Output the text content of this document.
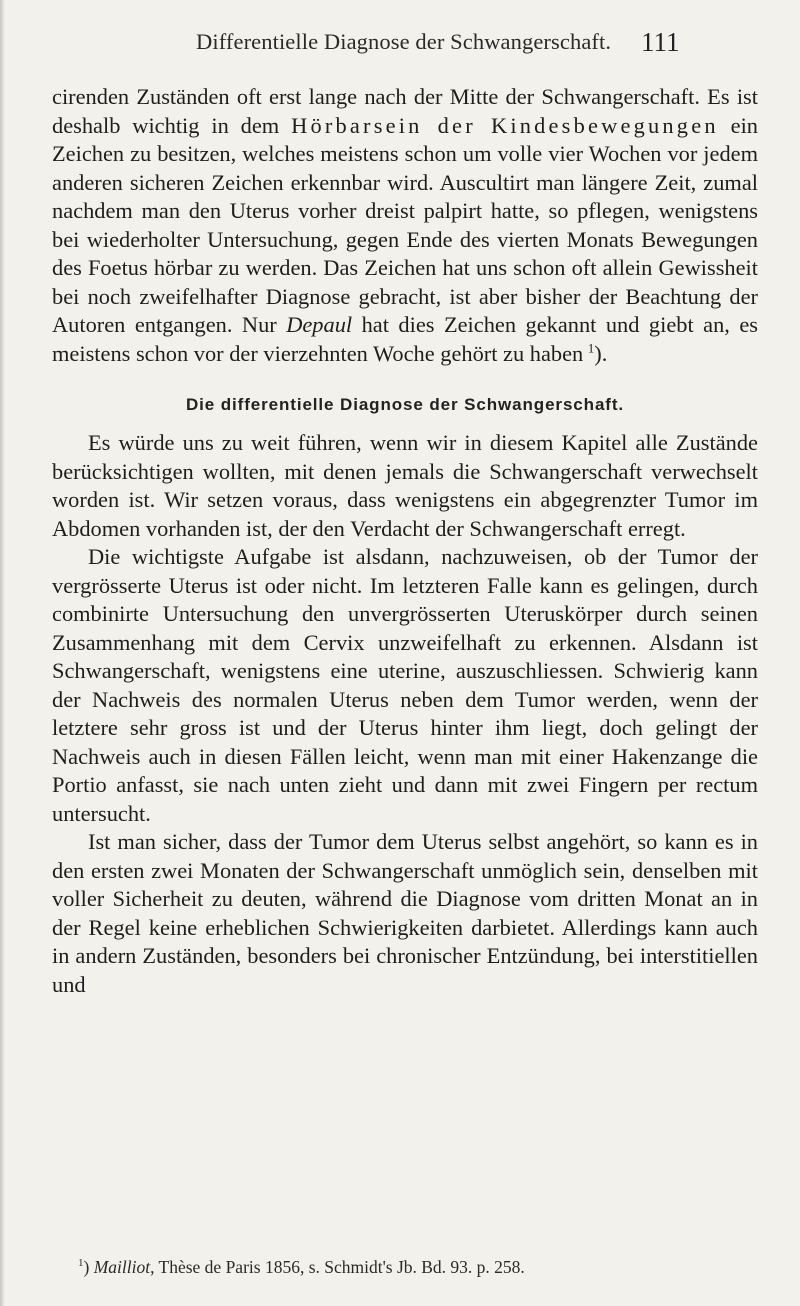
Differentielle Diagnose der Schwangerschaft. 111

cirenden Zuständen oft erst lange nach der Mitte der Schwangerschaft. Es ist deshalb wichtig in dem Hörbarsein der Kindesbewegungen ein Zeichen zu besitzen, welches meistens schon um volle vier Wochen vor jedem anderen sicheren Zeichen erkennbar wird. Auscultirt man längere Zeit, zumal nachdem man den Uterus vorher dreist palpirt hatte, so pflegen, wenigstens bei wiederholter Untersuchung, gegen Ende des vierten Monats Bewegungen des Foetus hörbar zu werden. Das Zeichen hat uns schon oft allein Gewissheit bei noch zweifelhafter Diagnose gebracht, ist aber bisher der Beachtung der Autoren entgangen. Nur Depaul hat dies Zeichen gekannt und giebt an, es meistens schon vor der vierzehnten Woche gehört zu haben  $^1$).

Die differentielle Diagnose der Schwangerschaft.

Es würde uns zu weit führen, wenn wir in diesem Kapitel alle Zustände berücksichtigen wollten, mit denen jemals die Schwangerschaft verwechselt worden ist. Wir setzen voraus, dass wenigstens ein abgegrenzter Tumor im Abdomen vorhanden ist, der den Verdacht der Schwangerschaft erregt.

Die wichtigste Aufgabe ist alsdann, nachzuweisen, ob der Tumor der vergrösserte Uterus ist oder nicht. Im letzteren Falle kann es gelingen, durch combinirte Untersuchung den unvergrösserten Uteruskörper durch seinen Zusammenhang mit dem Cervix unzweifelhaft zu erkennen. Alsdann ist Schwangerschaft, wenigstens eine uterine, auszuschliessen. Schwierig kann der Nachweis des normalen Uterus neben dem Tumor werden, wenn der letztere sehr gross ist und der Uterus hinter ihm liegt, doch gelingt der Nachweis auch in diesen Fällen leicht, wenn man mit einer Hakenzange die Portio anfasst, sie nach unten zieht und dann mit zwei Fingern per rectum untersucht.

Ist man sicher, dass der Tumor dem Uterus selbst angehört, so kann es in den ersten zwei Monaten der Schwangerschaft unmöglich sein, denselben mit voller Sicherheit zu deuten, während die Diagnose vom dritten Monat an in der Regel keine erheblichen Schwierigkeiten darbietet. Allerdings kann auch in andern Zuständen, besonders bei chronischer Entzündung, bei interstitiellen und

$^1$) Mailliot, Thèse de Paris 1856, s. Schmidt's Jb. Bd. 93. p. 258.
